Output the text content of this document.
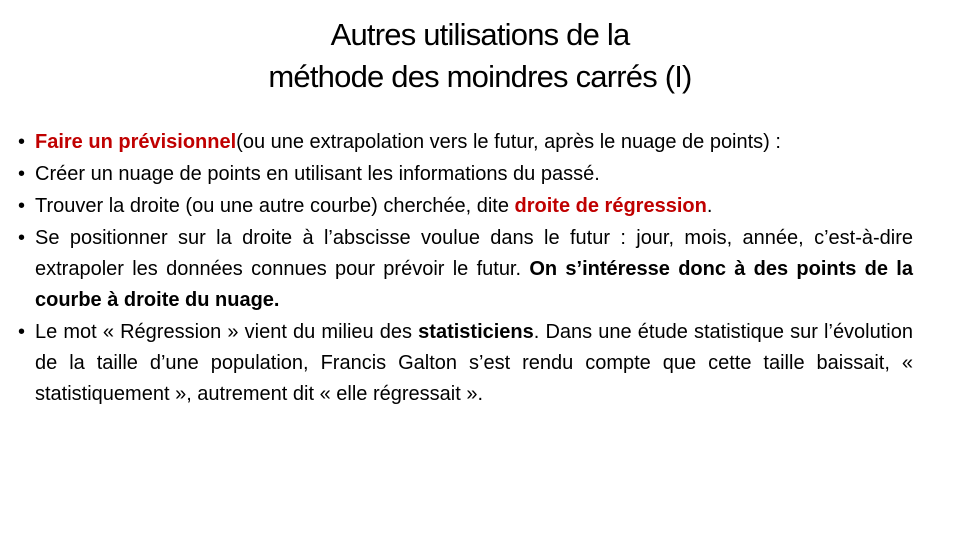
Autres utilisations de la
méthode des moindres carrés (I)
• Faire un prévisionnel(ou une extrapolation vers le futur, après le nuage de points) :
• Créer un nuage de points en utilisant les informations du passé.
• Trouver la droite (ou une autre courbe) cherchée, dite droite de régression.
• Se positionner sur la droite à l’abscisse voulue dans le futur : jour, mois, année, c’est-à-dire extrapoler les données connues pour prévoir le futur. On s’intéresse donc à des points de la courbe à droite du nuage.
• Le mot « Régression » vient du milieu des statisticiens. Dans une étude statistique sur l’évolution de la taille d’une population, Francis Galton s’est rendu compte que cette taille baissait, « statistiquement », autrement dit « elle régressait ».
